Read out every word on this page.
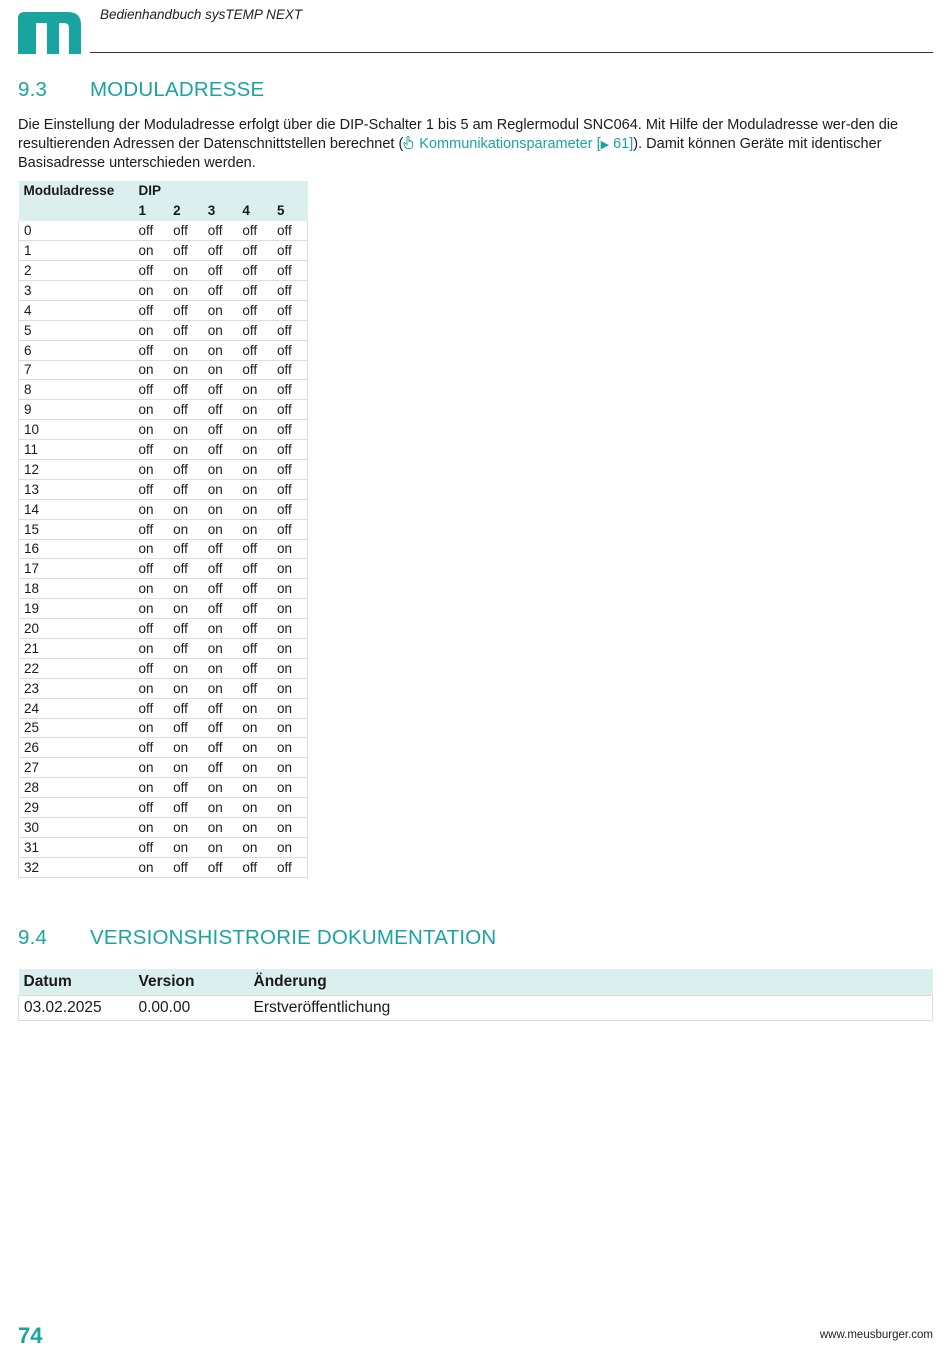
Bedienhandbuch sysTEMP NEXT
9.3 MODULADRESSE

Die Einstellung der Moduladresse erfolgt über die DIP-Schalter 1 bis 5 am Reglermodul SNC064. Mit Hilfe der Moduladresse wer-den die resultierenden Adressen der Datenschnittstellen berechnet ( Kommunikationsparameter [▶ 61]). Damit können Geräte mit identischer Basisadresse unterschieden werden.

Moduladresse	DIP				
	1	2	3	4	5
0	off	off	off	off	off
1	on	off	off	off	off
2	off	on	off	off	off
3	on	on	off	off	off
4	off	off	on	off	off
5	on	off	on	off	off
6	off	on	on	off	off
7	on	on	on	off	off
8	off	off	off	on	off
9	on	off	off	on	off
10	on	on	off	on	off
11	off	on	off	on	off
12	on	off	on	on	off
13	off	off	on	on	off
14	on	on	on	on	off
15	off	on	on	on	off
16	on	off	off	off	on
17	off	off	off	off	on
18	on	on	off	off	on
19	on	on	off	off	on
20	off	off	on	off	on
21	on	off	on	off	on
22	off	on	on	off	on
23	on	on	on	off	on
24	off	off	off	on	on
25	on	off	off	on	on
26	off	on	off	on	on
27	on	on	off	on	on
28	on	off	on	on	on
29	off	off	on	on	on
30	on	on	on	on	on
31	off	on	on	on	on
32	on	off	off	off	off
9.4 VERSIONSHISTRORIE DOKUMENTATION
Datum	Version	Änderung
03.02.2025	0.00.00	Erstveröffentlichung
74	www.meusburger.com
